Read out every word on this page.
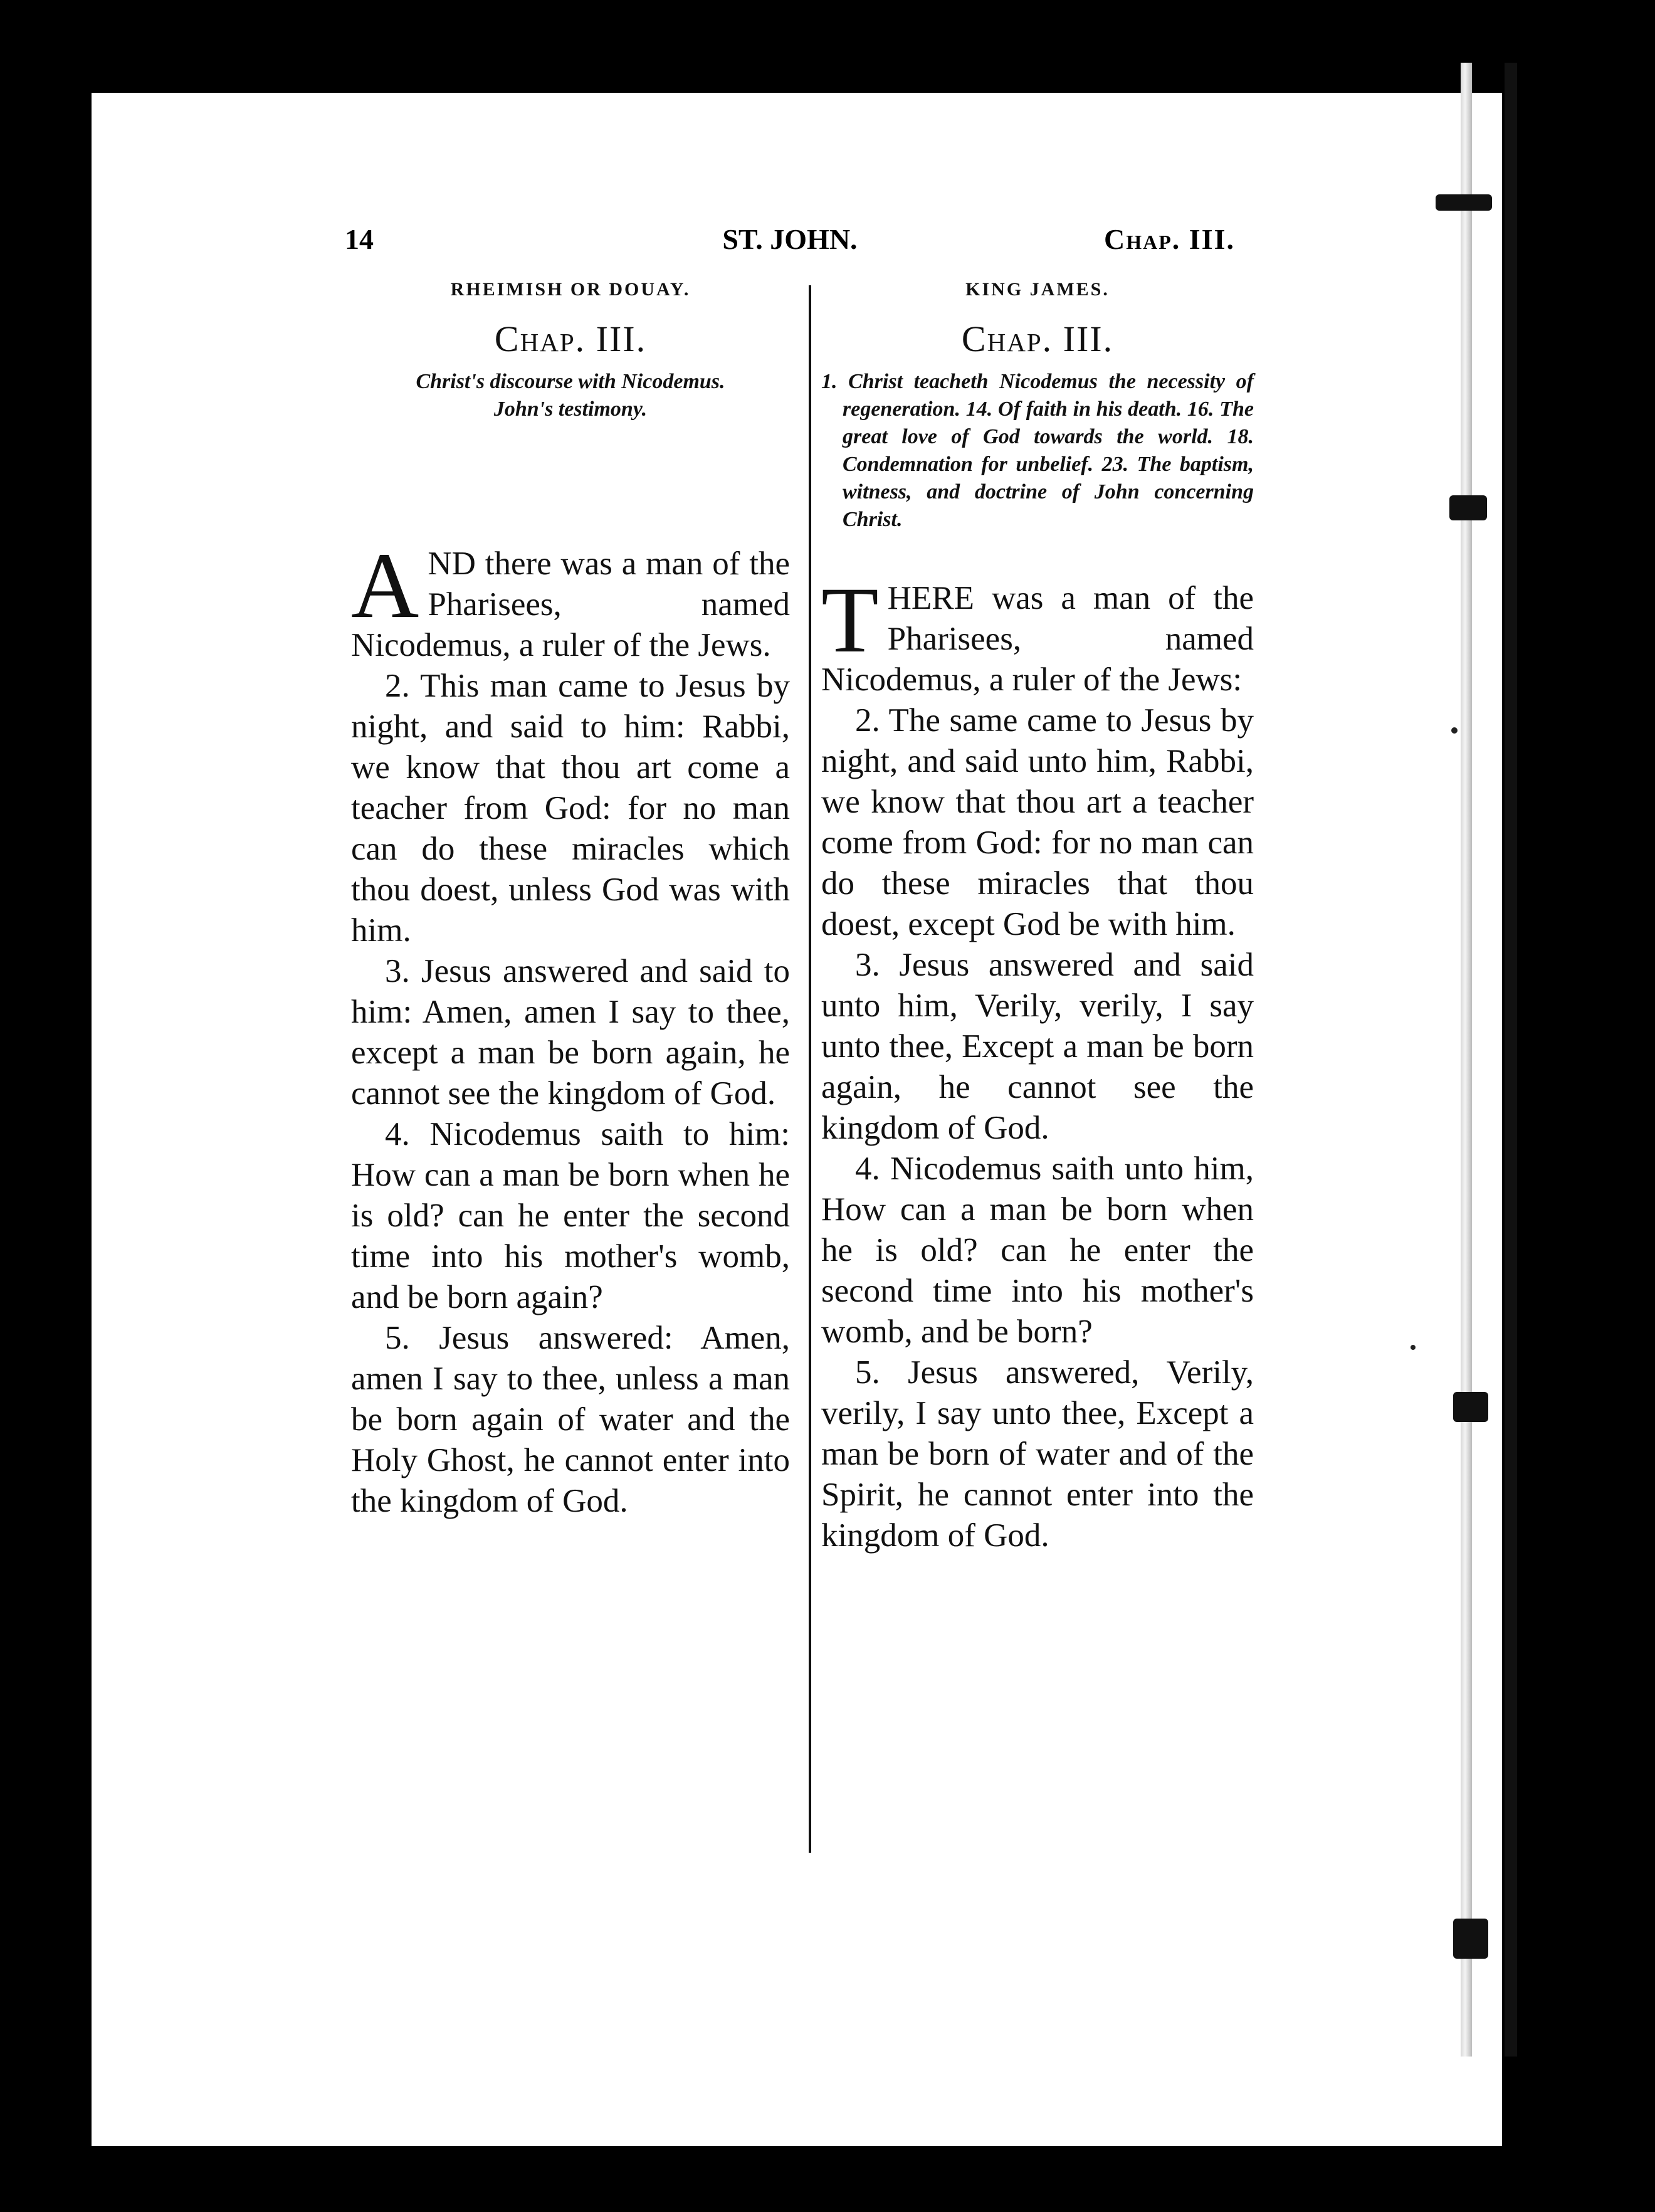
14	ST. JOHN.	Chap. III.
RHEIMISH OR DOUAY.
Chap. III.
Christ's discourse with Nicodemus.
John's testimony.

AND there was a man of the Pharisees, named Nicodemus, a ruler of the Jews.

2. This man came to Jesus by night, and said to him: Rabbi, we know that thou art come a teacher from God: for no man can do these miracles which thou doest, unless God was with him.

3. Jesus answered and said to him: Amen, amen I say to thee, except a man be born again, he cannot see the kingdom of God.

4. Nicodemus saith to him: How can a man be born when he is old? can he enter the second time into his mother's womb, and be born again?

5. Jesus answered: Amen, amen I say to thee, unless a man be born again of water and the Holy Ghost, he cannot enter into the kingdom of God.

KING JAMES.
Chap. III.
1. Christ teacheth Nicodemus the necessity of regeneration. 14. Of faith in his death. 16. The great love of God towards the world. 18. Condemnation for unbelief. 23. The baptism, witness, and doctrine of John concerning Christ.

THERE was a man of the Pharisees, named Nicodemus, a ruler of the Jews:

2. The same came to Jesus by night, and said unto him, Rabbi, we know that thou art a teacher come from God: for no man can do these miracles that thou doest, except God be with him.

3. Jesus answered and said unto him, Verily, verily, I say unto thee, Except a man be born again, he cannot see the kingdom of God.

4. Nicodemus saith unto him, How can a man be born when he is old? can he enter the second time into his mother's womb, and be born?

5. Jesus answered, Verily, verily, I say unto thee, Except a man be born of water and of the Spirit, he cannot enter into the kingdom of God.
